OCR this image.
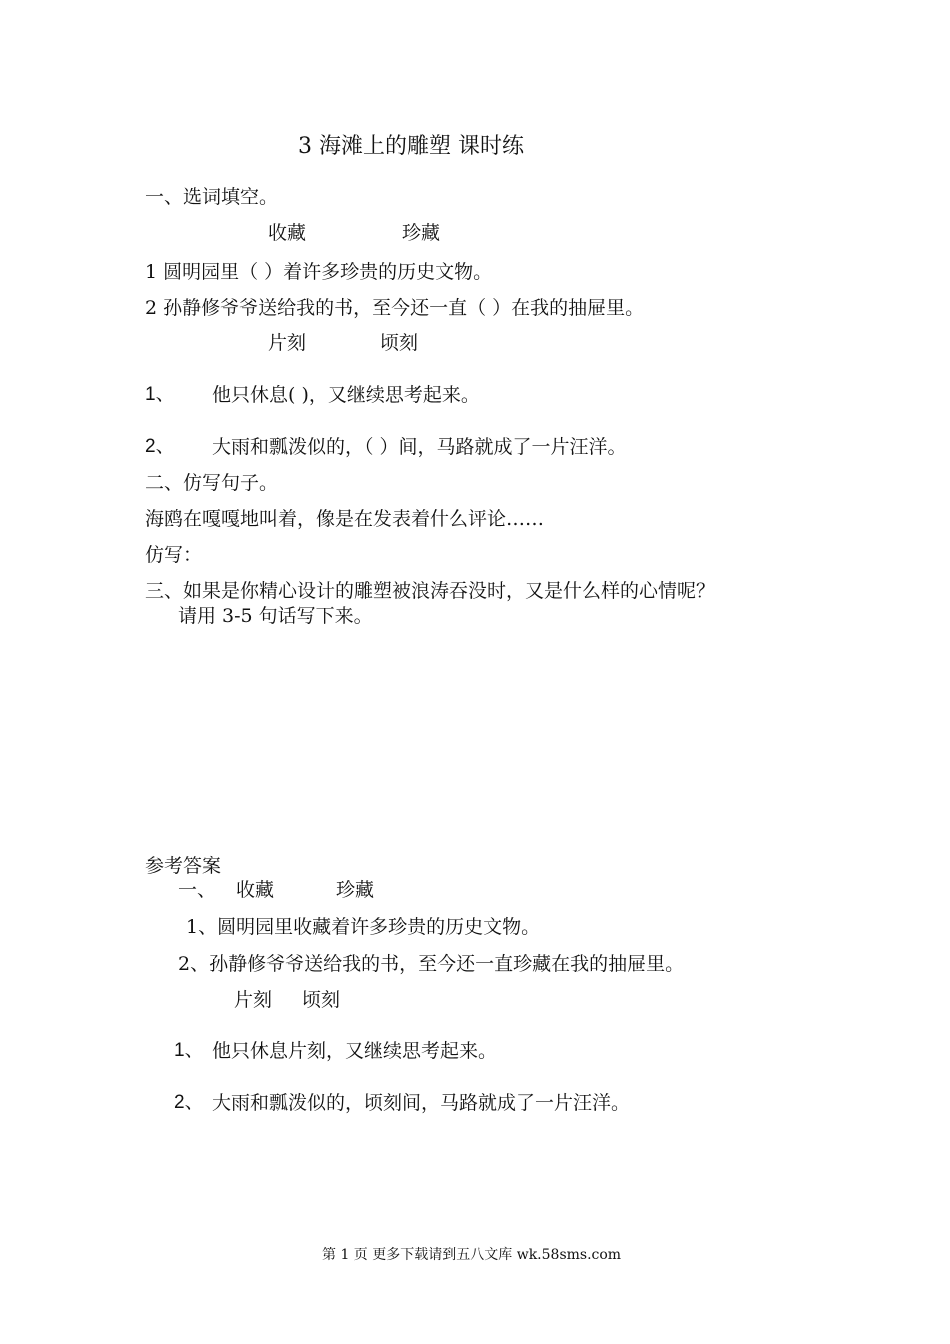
3 海滩上的雕塑 课时练
一、选词填空。
收藏	珍藏
1 圆明园里（ ）着许多珍贵的历史文物。
2 孙静修爷爷送给我的书，至今还一直（ ）在我的抽屉里。
片刻	顷刻
1、 他只休息( )，又继续思考起来。
2、 大雨和瓢泼似的，（ ）间，马路就成了一片汪洋。
二、仿写句子。
海鸥在嘎嘎地叫着，像是在发表着什么评论……
仿写：
三、如果是你精心设计的雕塑被浪涛吞没时，又是什么样的心情呢？
请用 3-5 句话写下来。
参考答案
一、 收藏	珍藏
1、圆明园里收藏着许多珍贵的历史文物。
2、孙静修爷爷送给我的书，至今还一直珍藏在我的抽屉里。
片刻 顷刻
1、 他只休息片刻，又继续思考起来。
2、 大雨和瓢泼似的，顷刻间，马路就成了一片汪洋。
第 1 页 更多下载请到五八文库 wk.58sms.com
